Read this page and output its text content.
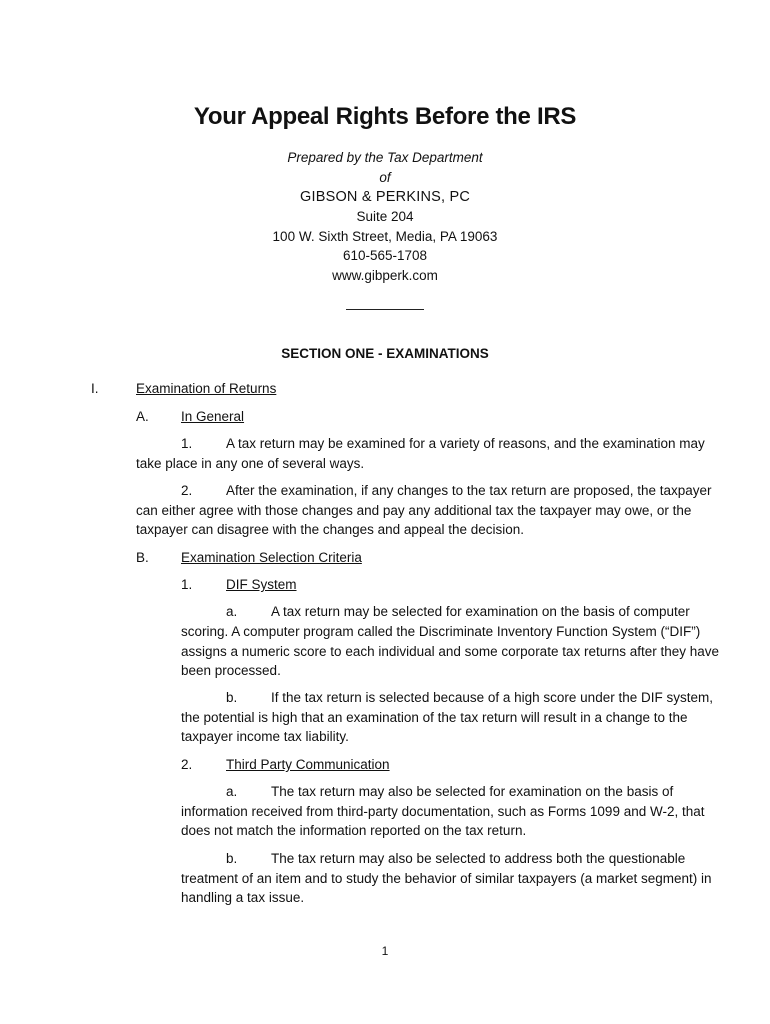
Your Appeal Rights Before the IRS
Prepared by the Tax Department
of
GIBSON & PERKINS, PC
Suite 204
100 W. Sixth Street, Media, PA 19063
610-565-1708
www.gibperk.com
SECTION ONE - EXAMINATIONS
I.	Examination of Returns
A. In General
1. A tax return may be examined for a variety of reasons, and the examination may
take place in any one of several ways.
2. After the examination, if any changes to the tax return are proposed, the taxpayer
can either agree with those changes and pay any additional tax the taxpayer may owe, or the
taxpayer can disagree with the changes and appeal the decision.
B. Examination Selection Criteria
1. DIF System
a. A tax return may be selected for examination on the basis of computer
scoring. A computer program called the Discriminate Inventory Function System (“DIF”)
assigns a numeric score to each individual and some corporate tax returns after they have
been processed.
b. If the tax return is selected because of a high score under the DIF system,
the potential is high that an examination of the tax return will result in a change to the
taxpayer income tax liability.
2. Third Party Communication
a. The tax return may also be selected for examination on the basis of
information received from third-party documentation, such as Forms 1099 and W-2, that
does not match the information reported on the tax return.
b. The tax return may also be selected to address both the questionable
treatment of an item and to study the behavior of similar taxpayers (a market segment) in
handling a tax issue.
1
